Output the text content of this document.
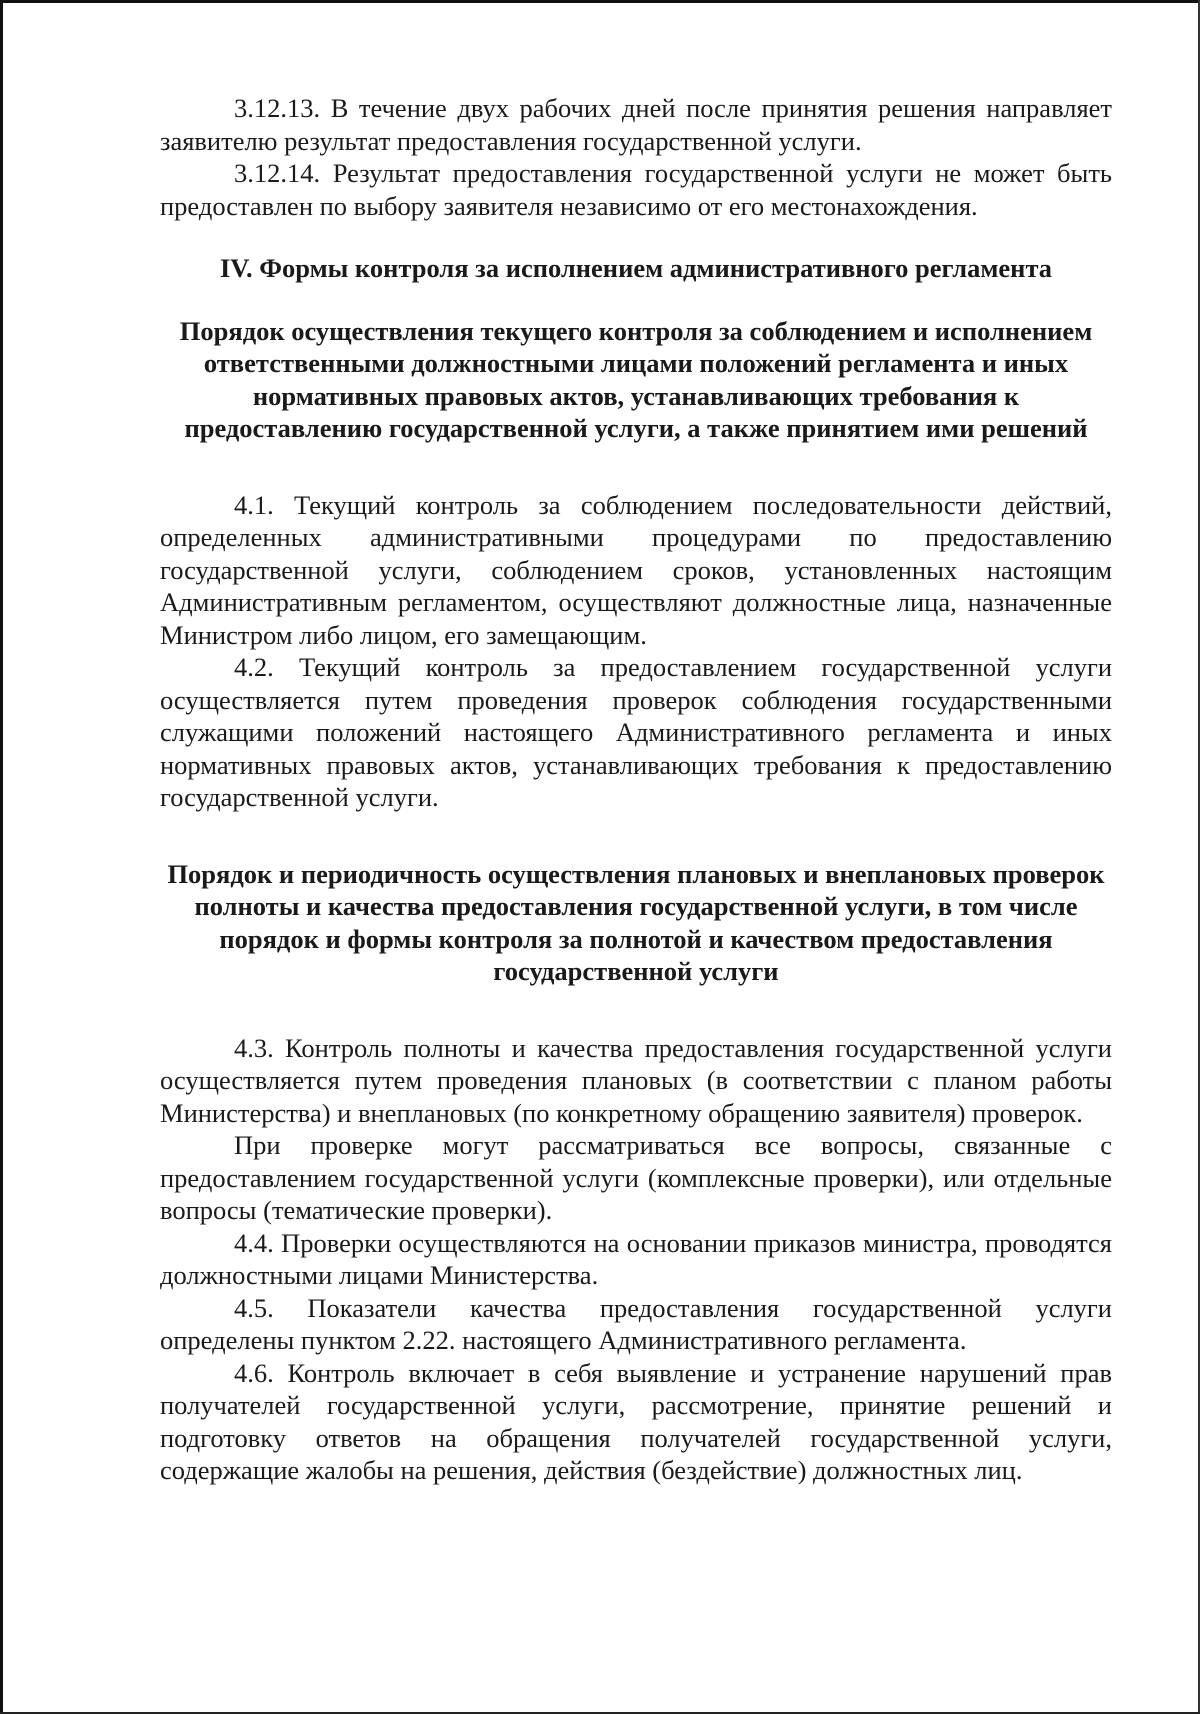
3.12.13. В течение двух рабочих дней после принятия решения направляет заявителю результат предоставления государственной услуги.

3.12.14. Результат предоставления государственной услуги не может быть предоставлен по выбору заявителя независимо от его местонахождения.

IV. Формы контроля за исполнением административного регламента
Порядок осуществления текущего контроля за соблюдением и исполнением ответственными должностными лицами положений регламента и иных нормативных правовых актов, устанавливающих требования к предоставлению государственной услуги, а также принятием ими решений

4.1. Текущий контроль за соблюдением последовательности действий, определенных административными процедурами по предоставлению государственной услуги, соблюдением сроков, установленных настоящим Административным регламентом, осуществляют должностные лица, назначенные Министром либо лицом, его замещающим.

4.2. Текущий контроль за предоставлением государственной услуги осуществляется путем проведения проверок соблюдения государственными служащими положений настоящего Административного регламента и иных нормативных правовых актов, устанавливающих требования к предоставлению государственной услуги.

Порядок и периодичность осуществления плановых и внеплановых проверок полноты и качества предоставления государственной услуги, в том числе порядок и формы контроля за полнотой и качеством предоставления государственной услуги

4.3. Контроль полноты и качества предоставления государственной услуги осуществляется путем проведения плановых (в соответствии с планом работы Министерства) и внеплановых (по конкретному обращению заявителя) проверок.

При проверке могут рассматриваться все вопросы, связанные с предоставлением государственной услуги (комплексные проверки), или отдельные вопросы (тематические проверки).

4.4. Проверки осуществляются на основании приказов министра, проводятся должностными лицами Министерства.

4.5. Показатели качества предоставления государственной услуги определены пунктом 2.22. настоящего Административного регламента.

4.6. Контроль включает в себя выявление и устранение нарушений прав получателей государственной услуги, рассмотрение, принятие решений и подготовку ответов на обращения получателей государственной услуги, содержащие жалобы на решения, действия (бездействие) должностных лиц.
